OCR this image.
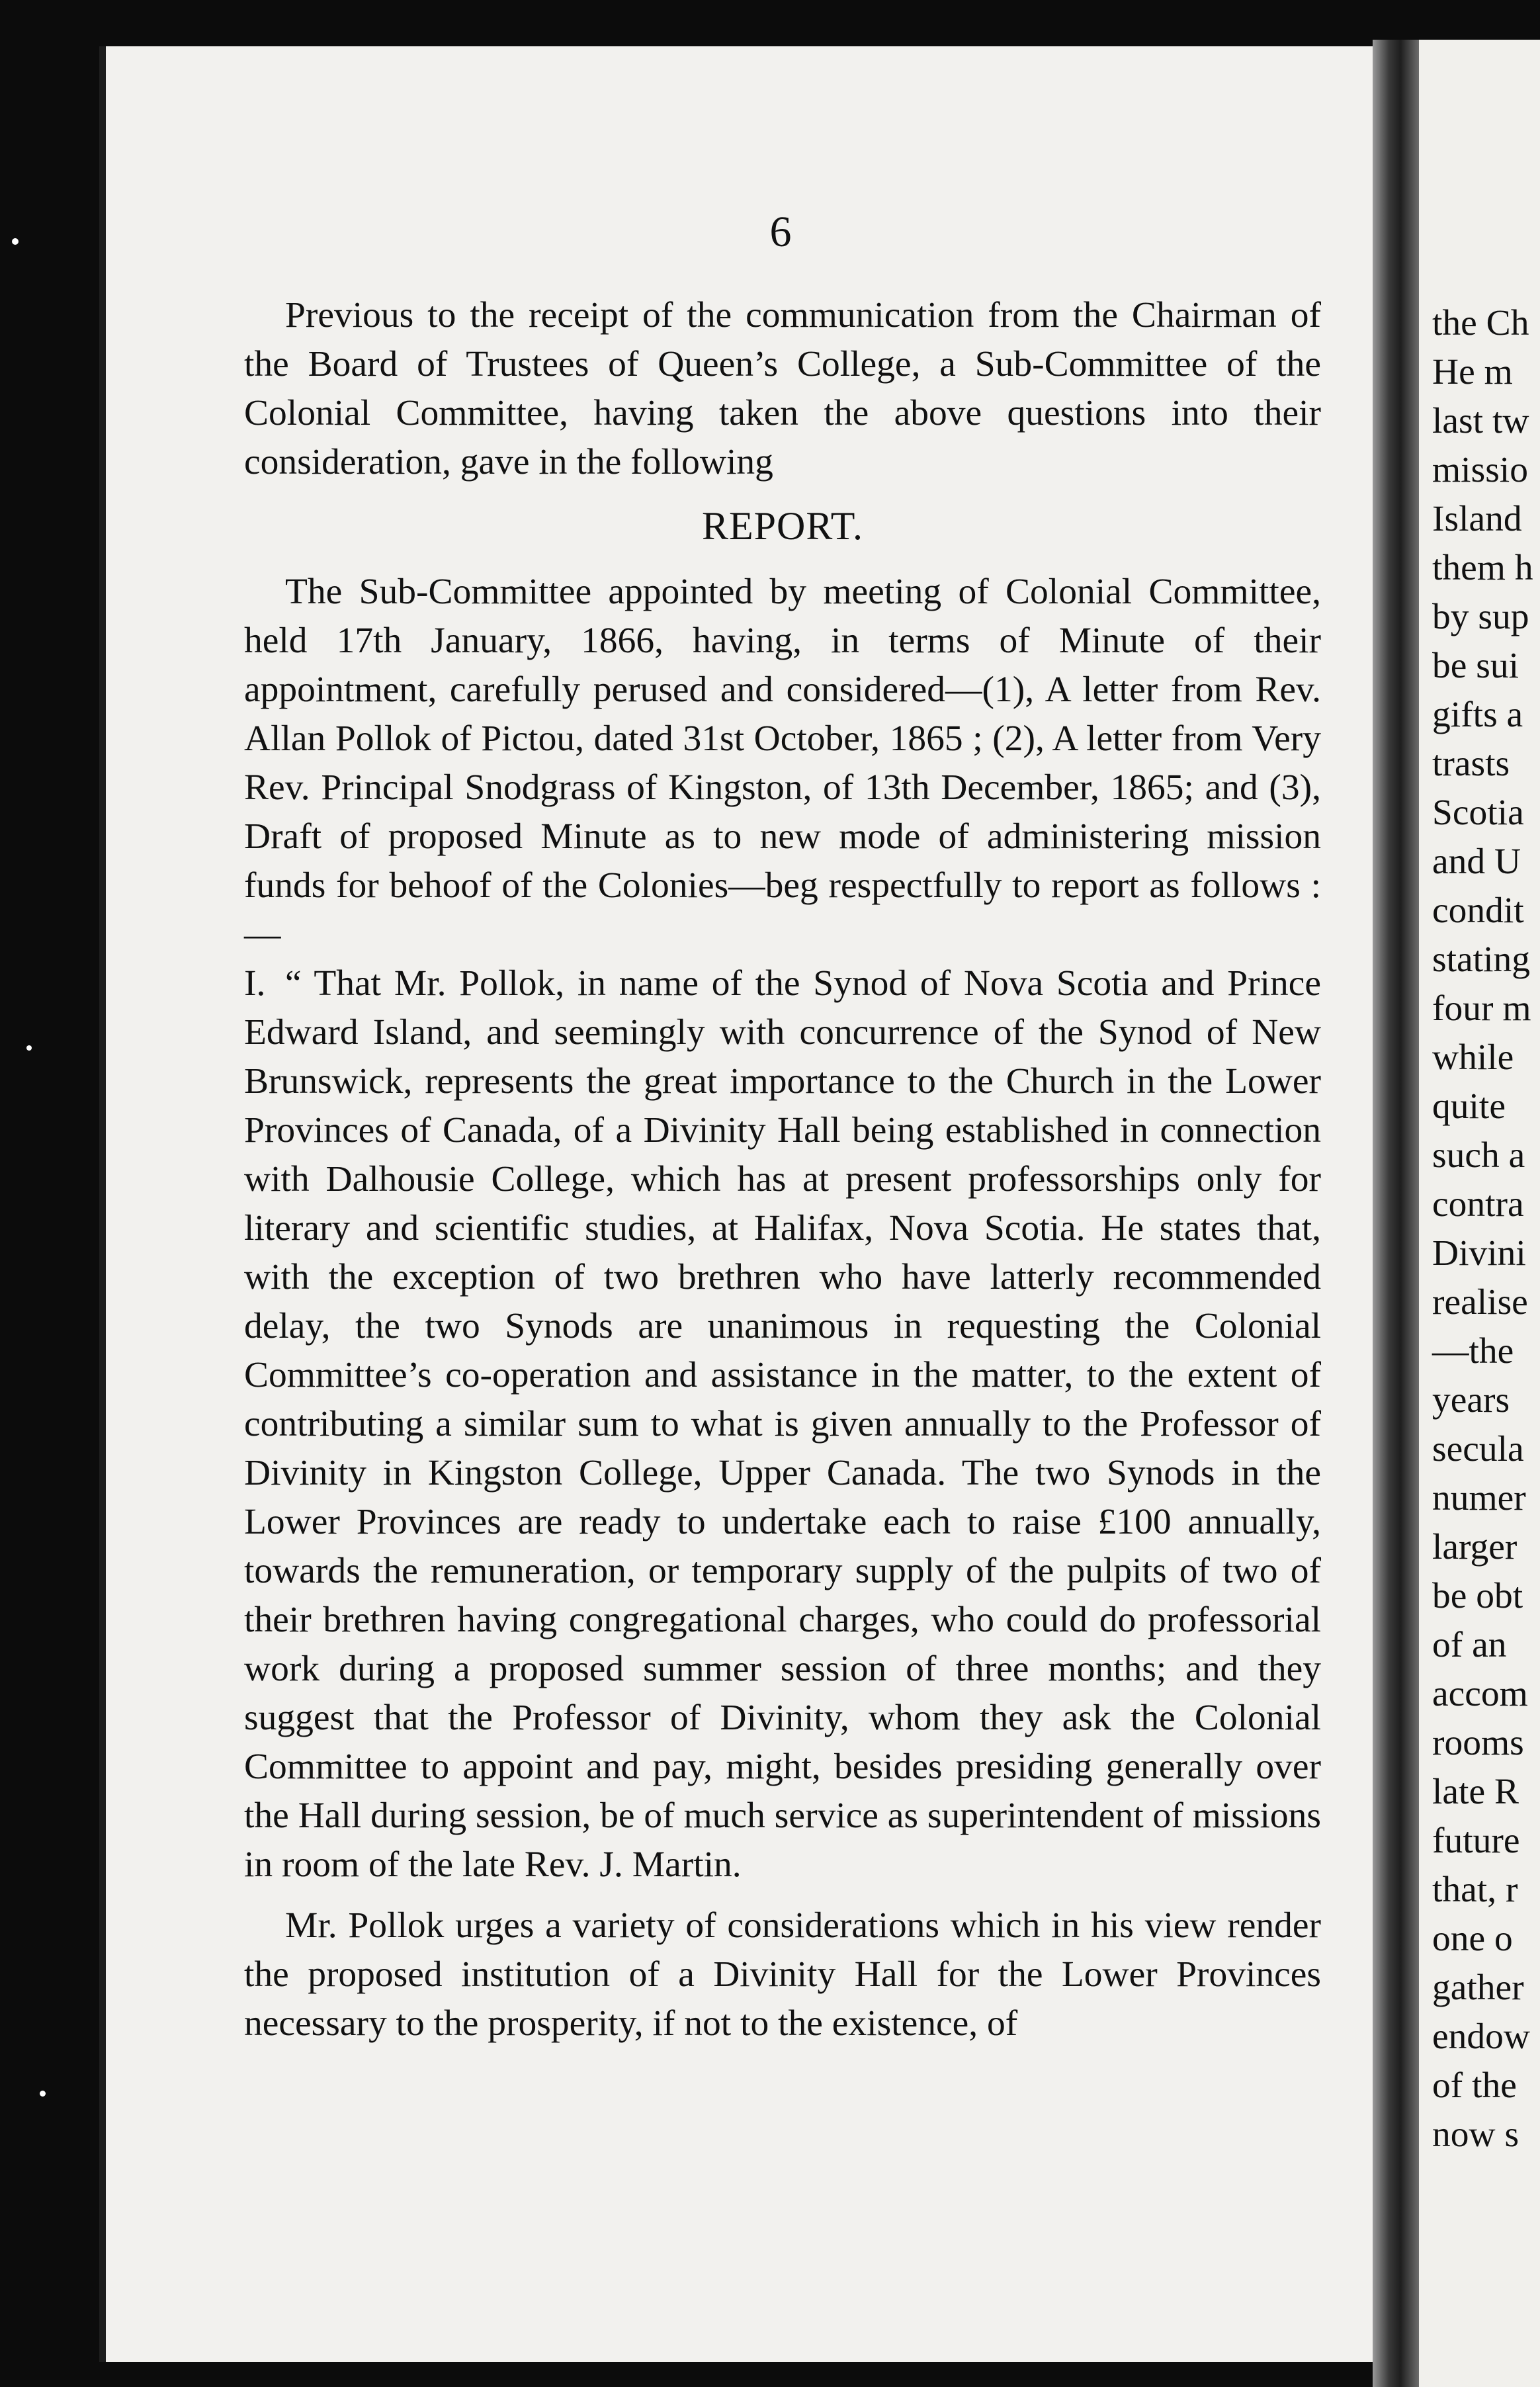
6

Previous to the receipt of the communication from the Chairman of the Board of Trustees of Queen’s College, a Sub-Committee of the Colonial Committee, having taken the above questions into their consideration, gave in the following

REPORT.

The Sub-Committee appointed by meeting of Colonial Committee, held 17th January, 1866, having, in terms of Minute of their appointment, carefully perused and considered—(1), A letter from Rev. Allan Pollok of Pictou, dated 31st October, 1865 ; (2), A letter from Very Rev. Principal Snodgrass of Kingston, of 13th December, 1865; and (3), Draft of proposed Minute as to new mode of administering mission funds for behoof of the Colonies—beg respectfully to report as follows :—

I. “ That Mr. Pollok, in name of the Synod of Nova Scotia and Prince Edward Island, and seemingly with concurrence of the Synod of New Brunswick, represents the great importance to the Church in the Lower Provinces of Canada, of a Divinity Hall being established in connection with Dalhousie College, which has at present professorships only for literary and scientific studies, at Halifax, Nova Scotia. He states that, with the exception of two brethren who have latterly recommended delay, the two Synods are unanimous in requesting the Colonial Committee’s co-operation and assistance in the matter, to the extent of contributing a similar sum to what is given annually to the Professor of Divinity in Kingston College, Upper Canada. The two Synods in the Lower Provinces are ready to undertake each to raise £100 annually, towards the remuneration, or temporary supply of the pulpits of two of their brethren having congregational charges, who could do professorial work during a proposed summer session of three months; and they suggest that the Professor of Divinity, whom they ask the Colonial Committee to appoint and pay, might, besides presiding generally over the Hall during session, be of much service as superintendent of missions in room of the late Rev. J. Martin.

Mr. Pollok urges a variety of considerations which in his view render the proposed institution of a Divinity Hall for the Lower Provinces necessary to the prosperity, if not to the existence, of

the Ch
He m
last tw
missio
Island
them h
by sup
be sui
gifts a
trasts
Scotia
and U
condit
stating
four m
while
quite
such a
contra
Divini
realise
—the
years
secula
numer
larger
be obt
of an
accom
rooms
late R
future
that, r
one o
gather
endow
of the
now s
